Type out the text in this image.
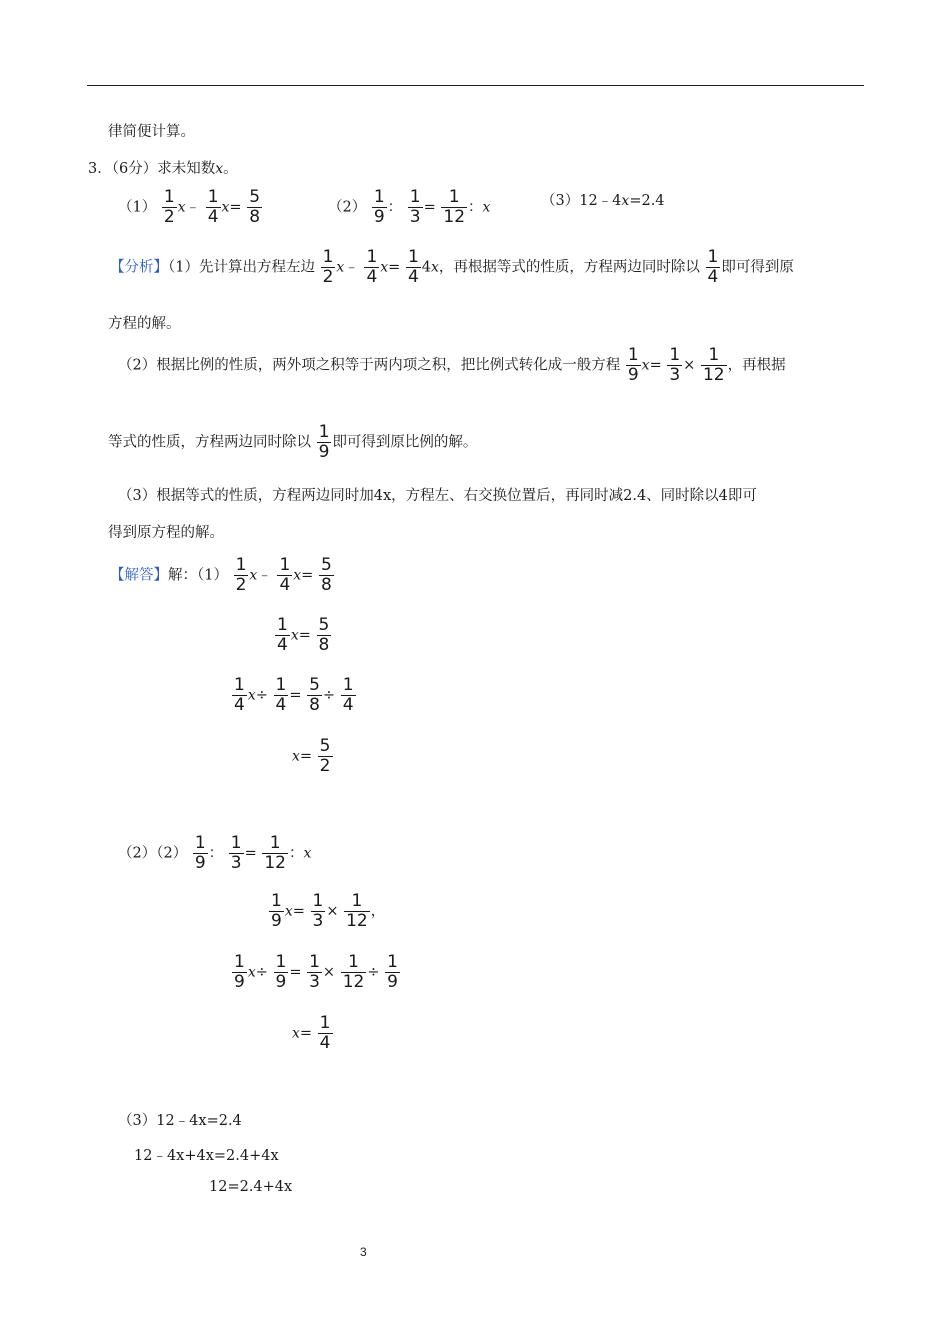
律简便计算。
3．（6分）求未知数x。
$(1) \frac{1}{2}$ x﹣ $\frac{1}{4} x= \frac{5}{8}$	$(2) \frac{1}{9}$ ： $\frac{1}{3} = \frac{1}{12}$ ：x	（3）12﹣4x=2.4
【分析】（1）先计算出方程左边 $\frac{1}{2}$ x﹣ $\frac{1}{4} x= \frac{1}{4} 4x$，再根据等式的性质，方程两边同时除以 $\frac{1}{4}$ 即可得到原
方程的解。
（2）根据比例的性质，两外项之积等于两内项之积，把比例式转化成一般方程 $\frac{1}{9} x= \frac{1}{3} \times \frac{1}{12}$ ，再根据
等式的性质，方程两边同时除以 $\frac{1}{9}$ 即可得到原比例的解。
（3）根据等式的性质，方程两边同时加4x，方程左、右交换位置后，再同时减2.4、同时除以4即可
得到原方程的解。
【解答】解：$(1) \frac{1}{2}$ x﹣ $\frac{1}{4} x= \frac{5}{8}$
$\frac{1}{4} x= \frac{5}{8}$
$\frac{1}{4} x\div \frac{1}{4} = \frac{5}{8} \div \frac{1}{4}$
$x= \frac{5}{2}$
$(2)(2) \frac{1}{9}$ ： $\frac{1}{3} = \frac{1}{12}$ ：x
$\frac{1}{9} x= \frac{1}{3} \times \frac{1}{12}$ ，
$\frac{1}{9} x\div \frac{1}{9} = \frac{1}{3} \times \frac{1}{12} \div \frac{1}{9}$
$x= \frac{1}{4}$
（3）12﹣4x=2.4
12﹣4x+4x=2.4+4x
12=2.4+4x
3
